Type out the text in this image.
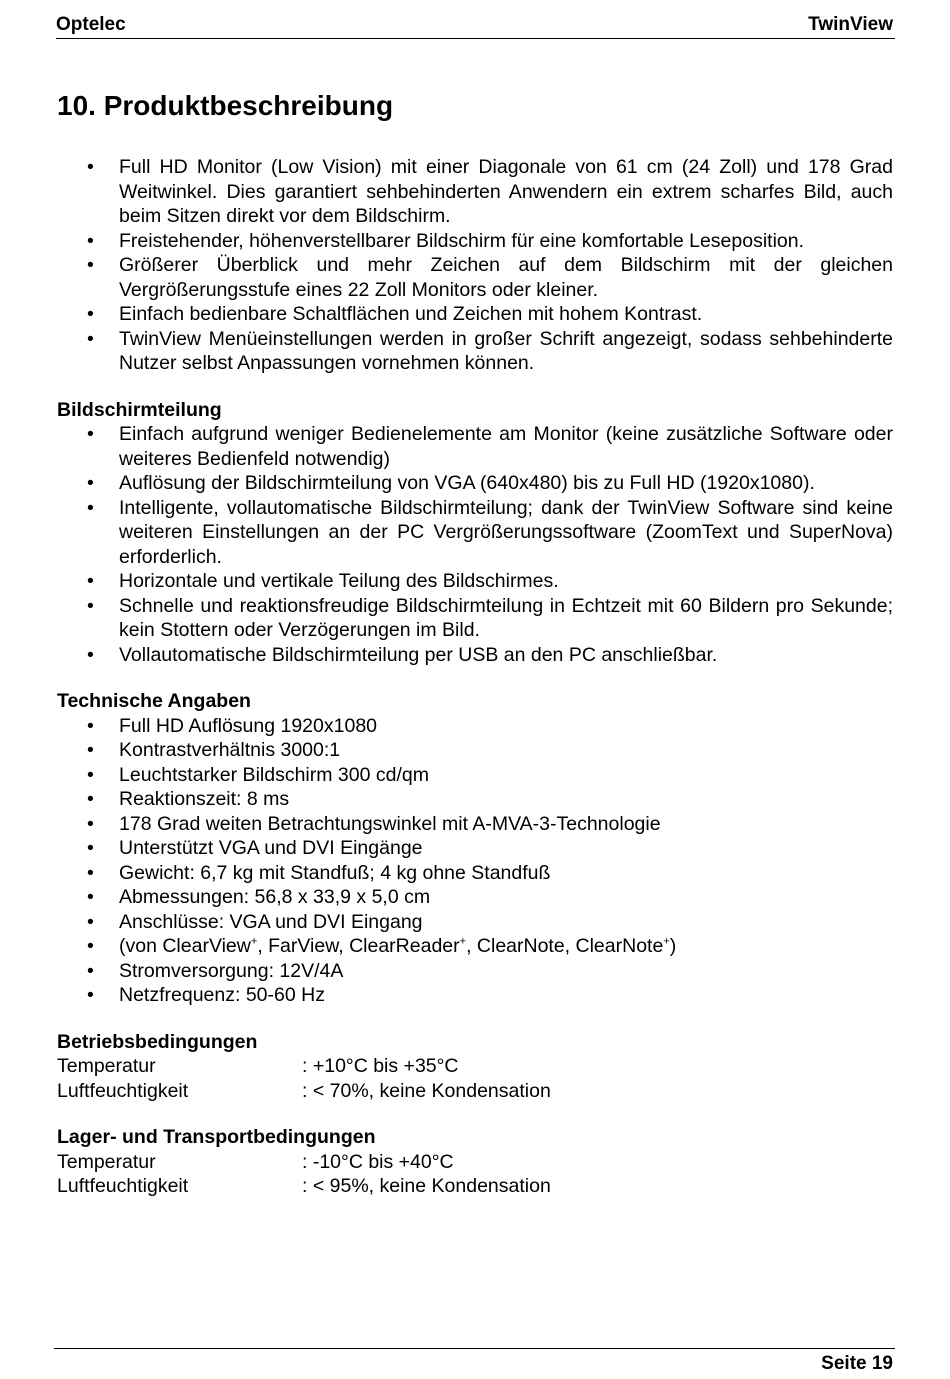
Optelec	TwinView
10. Produktbeschreibung
• Full HD Monitor (Low Vision) mit einer Diagonale von 61 cm (24 Zoll) und 178 Grad Weitwinkel. Dies garantiert sehbehinderten Anwendern ein extrem scharfes Bild, auch beim Sitzen direkt vor dem Bildschirm.
• Freistehender, höhenverstellbarer Bildschirm für eine komfortable Leseposition.
• Größerer Überblick und mehr Zeichen auf dem Bildschirm mit der gleichen Vergrößerungsstufe eines 22 Zoll Monitors oder kleiner.
• Einfach bedienbare Schaltflächen und Zeichen mit hohem Kontrast.
• TwinView Menüeinstellungen werden in großer Schrift angezeigt, sodass sehbehinderte Nutzer selbst Anpassungen vornehmen können.
Bildschirmteilung
• Einfach aufgrund weniger Bedienelemente am Monitor (keine zusätzliche Software oder weiteres Bedienfeld notwendig)
• Auflösung der Bildschirmteilung von VGA (640x480) bis zu Full HD (1920x1080).
• Intelligente, vollautomatische Bildschirmteilung; dank der TwinView Software sind keine weiteren Einstellungen an der PC Vergrößerungssoftware (ZoomText und SuperNova) erforderlich.
• Horizontale und vertikale Teilung des Bildschirmes.
• Schnelle und reaktionsfreudige Bildschirmteilung in Echtzeit mit 60 Bildern pro Sekunde; kein Stottern oder Verzögerungen im Bild.
• Vollautomatische Bildschirmteilung per USB an den PC anschließbar.
Technische Angaben
• Full HD Auflösung 1920x1080
• Kontrastverhältnis 3000:1
• Leuchtstarker Bildschirm 300 cd/qm
• Reaktionszeit: 8 ms
• 178 Grad weiten Betrachtungswinkel mit A-MVA-3-Technologie
• Unterstützt VGA und DVI Eingänge
• Gewicht: 6,7 kg mit Standfuß; 4 kg ohne Standfuß
• Abmessungen: 56,8 x 33,9 x 5,0 cm
• Anschlüsse: VGA und DVI Eingang
• (von ClearView+, FarView, ClearReader+, ClearNote, ClearNote+)
• Stromversorgung: 12V/4A
• Netzfrequenz: 50-60 Hz
Betriebsbedingungen
Temperatur	: +10°C bis +35°C
Luftfeuchtigkeit	: < 70%, keine Kondensation
Lager- und Transportbedingungen
Temperatur	: -10°C bis +40°C
Luftfeuchtigkeit	: < 95%, keine Kondensation
Seite 19
